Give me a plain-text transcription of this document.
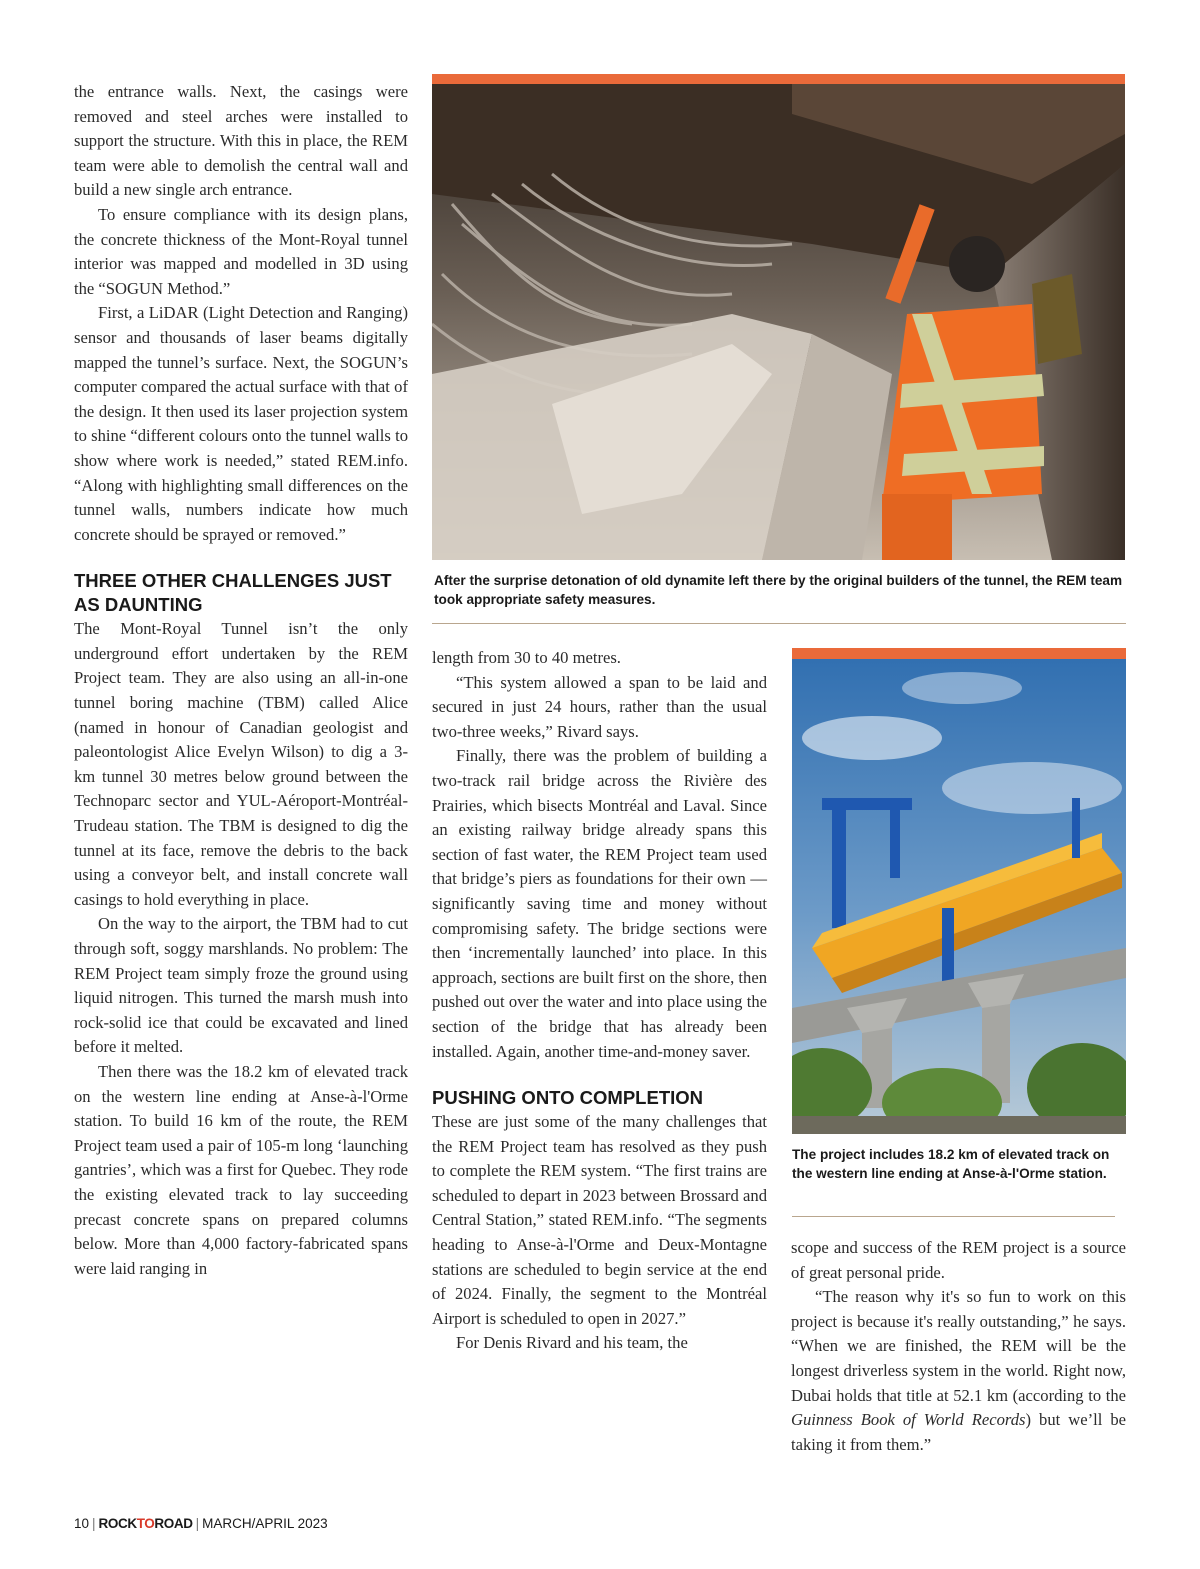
the entrance walls. Next, the casings were removed and steel arches were installed to support the structure. With this in place, the REM team were able to demolish the central wall and build a new single arch entrance.

To ensure compliance with its design plans, the concrete thickness of the Mont-Royal tunnel interior was mapped and modelled in 3D using the “SOGUN Method.”

First, a LiDAR (Light Detection and Ranging) sensor and thousands of laser beams digitally mapped the tunnel’s surface. Next, the SOGUN’s computer compared the actual surface with that of the design. It then used its laser projection system to shine “different colours onto the tunnel walls to show where work is needed,” stated REM.info. “Along with highlighting small differences on the tunnel walls, numbers indicate how much concrete should be sprayed or removed.”

THREE OTHER CHALLENGES JUST AS DAUNTING

The Mont-Royal Tunnel isn’t the only underground effort undertaken by the REM Project team. They are also using an all-in-one tunnel boring machine (TBM) called Alice (named in honour of Canadian geologist and paleontologist Alice Evelyn Wilson) to dig a 3-km tunnel 30 metres below ground between the Technoparc sector and YUL-Aéroport-Montréal-Trudeau station. The TBM is designed to dig the tunnel at its face, remove the debris to the back using a conveyor belt, and install concrete wall casings to hold everything in place.

On the way to the airport, the TBM had to cut through soft, soggy marshlands. No problem: The REM Project team simply froze the ground using liquid nitrogen. This turned the marsh mush into rock-solid ice that could be excavated and lined before it melted.

Then there was the 18.2 km of elevated track on the western line ending at Anse-à-l'Orme station. To build 16 km of the route, the REM Project team used a pair of 105-m long ‘launching gantries’, which was a first for Quebec. They rode the existing elevated track to lay succeeding precast concrete spans on prepared columns below. More than 4,000 factory-fabricated spans were laid ranging in

After the surprise detonation of old dynamite left there by the original builders of the tunnel, the REM team took appropriate safety measures.

length from 30 to 40 metres.

“This system allowed a span to be laid and secured in just 24 hours, rather than the usual two-three weeks,” Rivard says.

Finally, there was the problem of building a two-track rail bridge across the Rivière des Prairies, which bisects Montréal and Laval. Since an existing railway bridge already spans this section of fast water, the REM Project team used that bridge’s piers as foundations for their own — significantly saving time and money without compromising safety. The bridge sections were then ‘incrementally launched’ into place. In this approach, sections are built first on the shore, then pushed out over the water and into place using the section of the bridge that has already been installed. Again, another time-and-money saver.

PUSHING ONTO COMPLETION

These are just some of the many challenges that the REM Project team has resolved as they push to complete the REM system. “The first trains are scheduled to depart in 2023 between Brossard and Central Station,” stated REM.info. “The segments heading to Anse-à-l'Orme and Deux-Montagne stations are scheduled to begin service at the end of 2024. Finally, the segment to the Montréal Airport is scheduled to open in 2027.”

For Denis Rivard and his team, the

The project includes 18.2 km of elevated track on the western line ending at Anse-à-l'Orme station.

scope and success of the REM project is a source of great personal pride.

“The reason why it's so fun to work on this project is because it's really outstanding,” he says. “When we are finished, the REM will be the longest driverless system in the world. Right now, Dubai holds that title at 52.1 km (according to the Guinness Book of World Records) but we’ll be taking it from them.”

10 | ROCKTOROAD | MARCH/APRIL 2023
